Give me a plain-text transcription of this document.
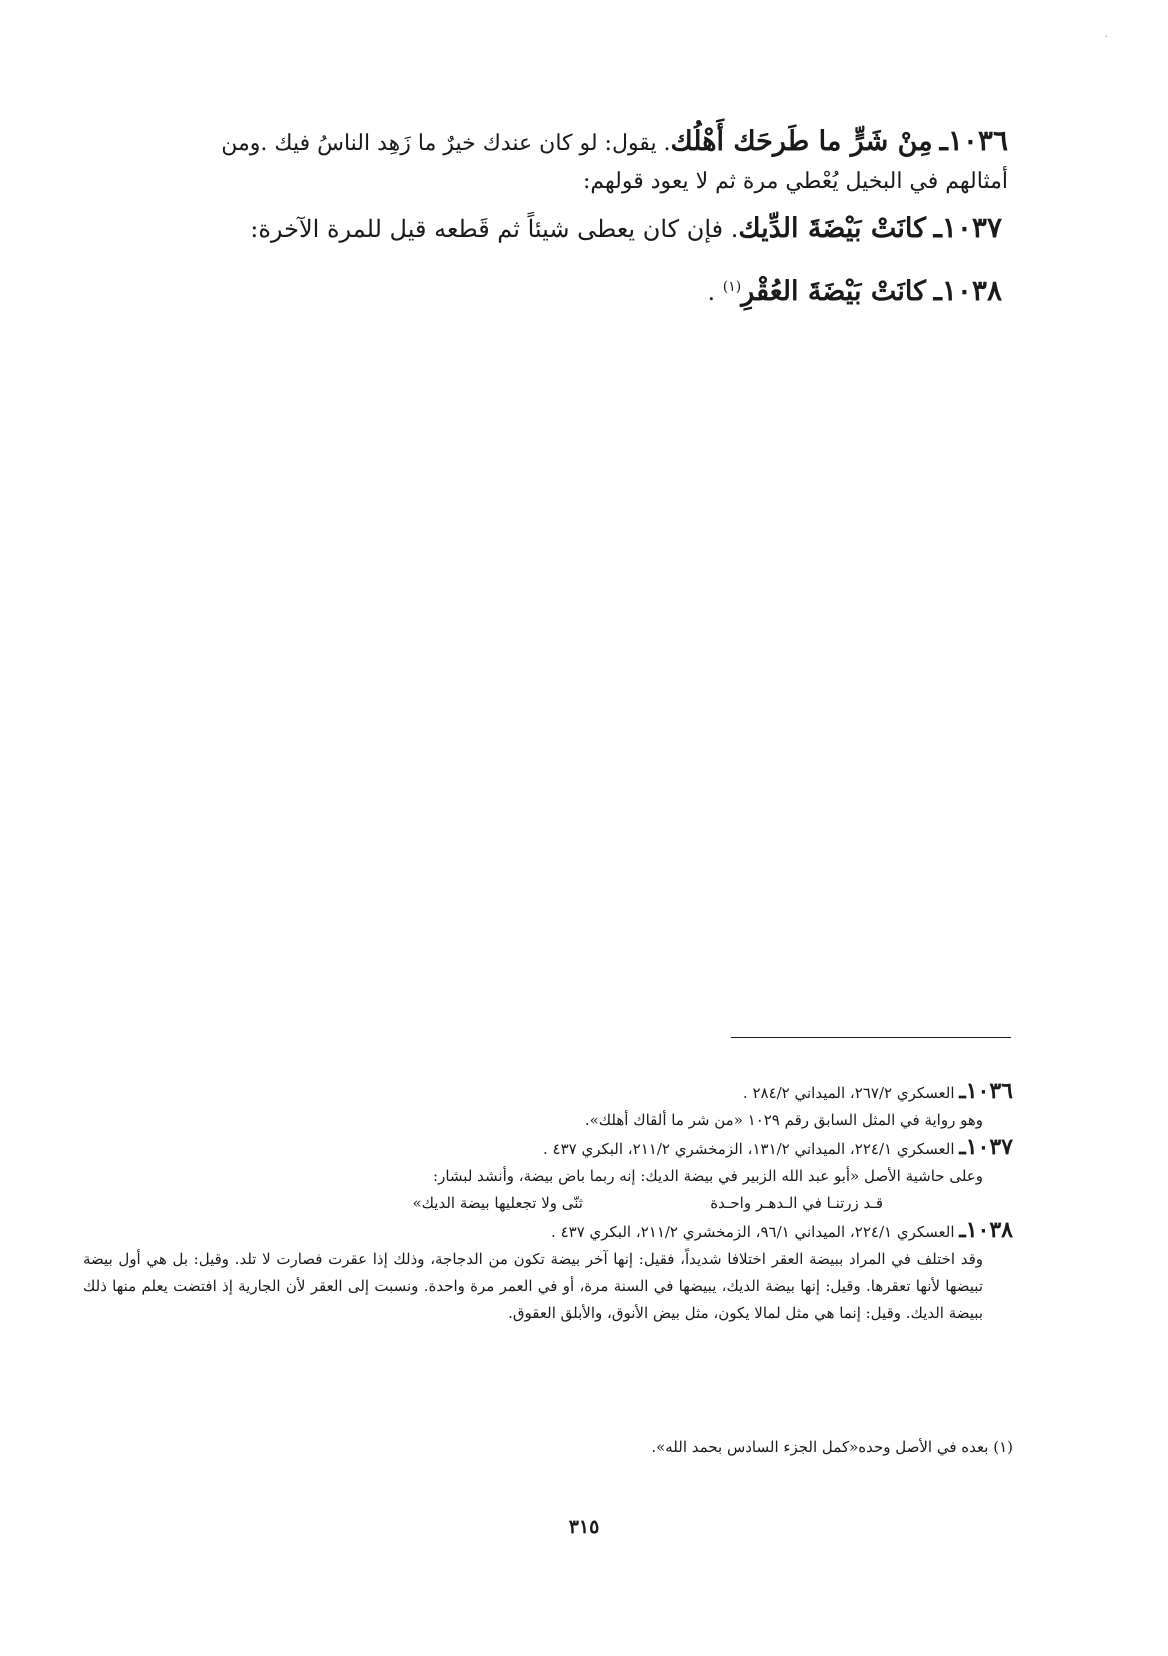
·
١٠٣٦ـ مِنْ شَرٍّ ما طَرحَك أَهْلُك. يقول: لو كان عندك خيرٌ ما زَهِد الناسُ فيك .ومن
أمثالهم في البخيل يُعْطي مرة ثم لا يعود قولهم:
١٠٣٧ـ كانَتْ بَيْضَةَ الدِّيك. فإن كان يعطى شيئاً ثم قَطعه قيل للمرة الآخرة:
١٠٣٨ـ كانَتْ بَيْضَةَ العُقْرِ$^{(١)}$ .
١٠٣٦ـ العسكري ٢٦٧/٢، الميداني ٢٨٤/٢ .
وهو رواية في المثل السابق رقم ١٠٢٩ «من شر ما ألقاك أهلك».
١٠٣٧ـ العسكري ٢٢٤/١، الميداني ١٣١/٢، الزمخشري ٢١١/٢، البكري ٤٣٧ .
وعلى حاشية الأصل «أبو عبد الله الزبير في بيضة الديك: إنه ربما باض بيضة، وأنشد لبشار:
قـد زرتنـا في الـدهـر واحـدة
ثنّى ولا تجعليها بيضة الديك»
١٠٣٨ـ العسكري ٢٢٤/١، الميداني ٩٦/١، الزمخشري ٢١١/٢، البكري ٤٣٧ .
وقد اختلف في المراد ببيضة العقر اختلافا شديداً، فقيل: إنها آخر بيضة تكون من الدجاجة، وذلك إذا عقرت فصارت لا تلد. وقيل: بل هي أول بيضة تبيضها لأنها تعقرها. وقيل: إنها بيضة الديك، يبيضها في السنة مرة، أو في العمر مرة واحدة. ونسبت إلى العقر لأن الجارية إذ افتضت يعلم منها ذلك ببيضة الديك. وقيل: إنما هي مثل لمالا يكون، مثل بيض الأنوق، والأبلق العقوق.
(١) بعده في الأصل وحده«كمل الجزء السادس بحمد الله».
٣١٥
